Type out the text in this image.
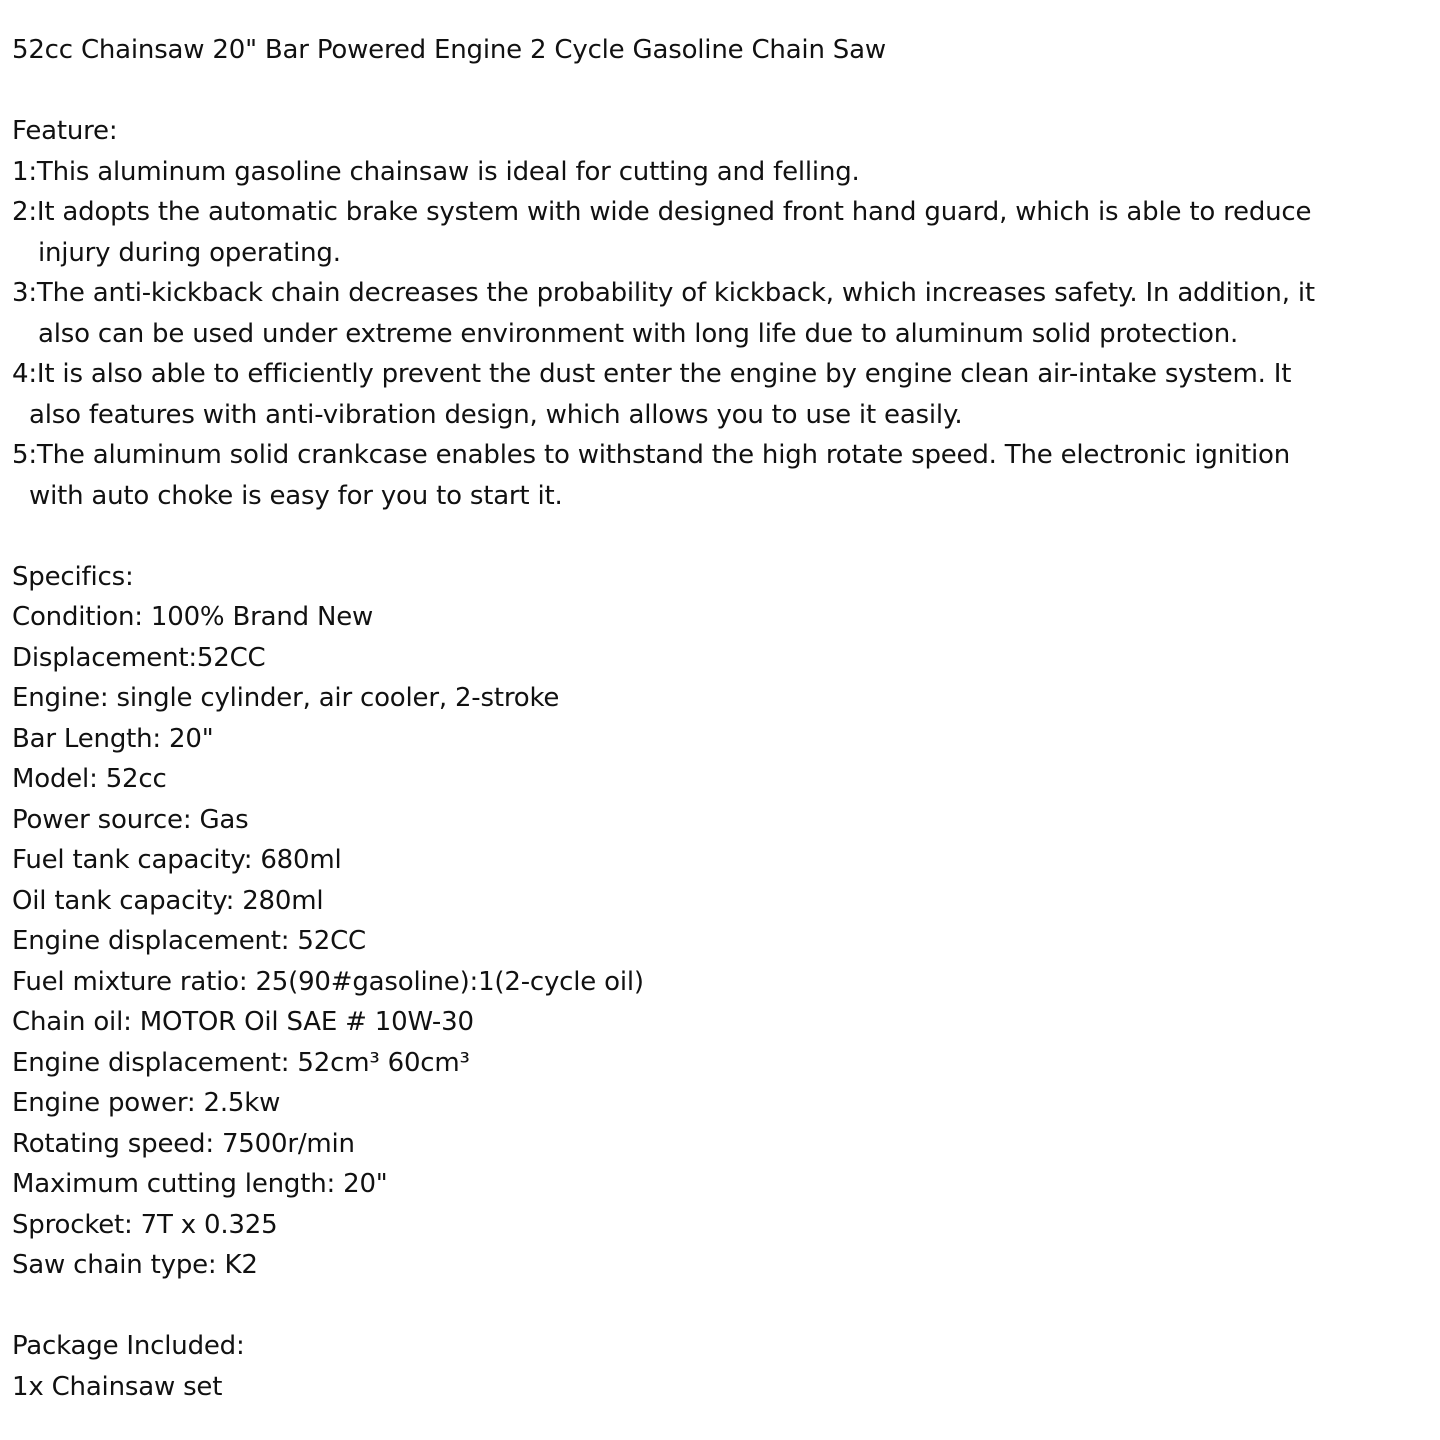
52cc Chainsaw 20" Bar Powered Engine 2 Cycle Gasoline Chain Saw

Feature:

1:This aluminum gasoline chainsaw is ideal for cutting and felling.
2:It adopts the automatic brake system with wide designed front hand guard, which is able to reduce
injury during operating.
3:The anti-kickback chain decreases the probability of kickback, which increases safety. In addition, it
also can be used under extreme environment with long life due to aluminum solid protection.
4:It is also able to efficiently prevent the dust enter the engine by engine clean air-intake system. It
also features with anti-vibration design, which allows you to use it easily.
5:The aluminum solid crankcase enables to withstand the high rotate speed. The electronic ignition
with auto choke is easy for you to start it.

Specifics:

Condition: 100% Brand New

Displacement:52CC

Engine: single cylinder, air cooler, 2-stroke

Bar Length: 20"

Model: 52cc

Power source: Gas

Fuel tank capacity: 680ml

Oil tank capacity: 280ml

Engine displacement: 52CC

Fuel mixture ratio: 25(90#gasoline):1(2-cycle oil)

Chain oil: MOTOR Oil SAE # 10W-30

Engine displacement: 52cm³ 60cm³

Engine power: 2.5kw

Rotating speed: 7500r/min

Maximum cutting length: 20"

Sprocket: 7T x 0.325

Saw chain type: K2

Package Included:

1x Chainsaw set
